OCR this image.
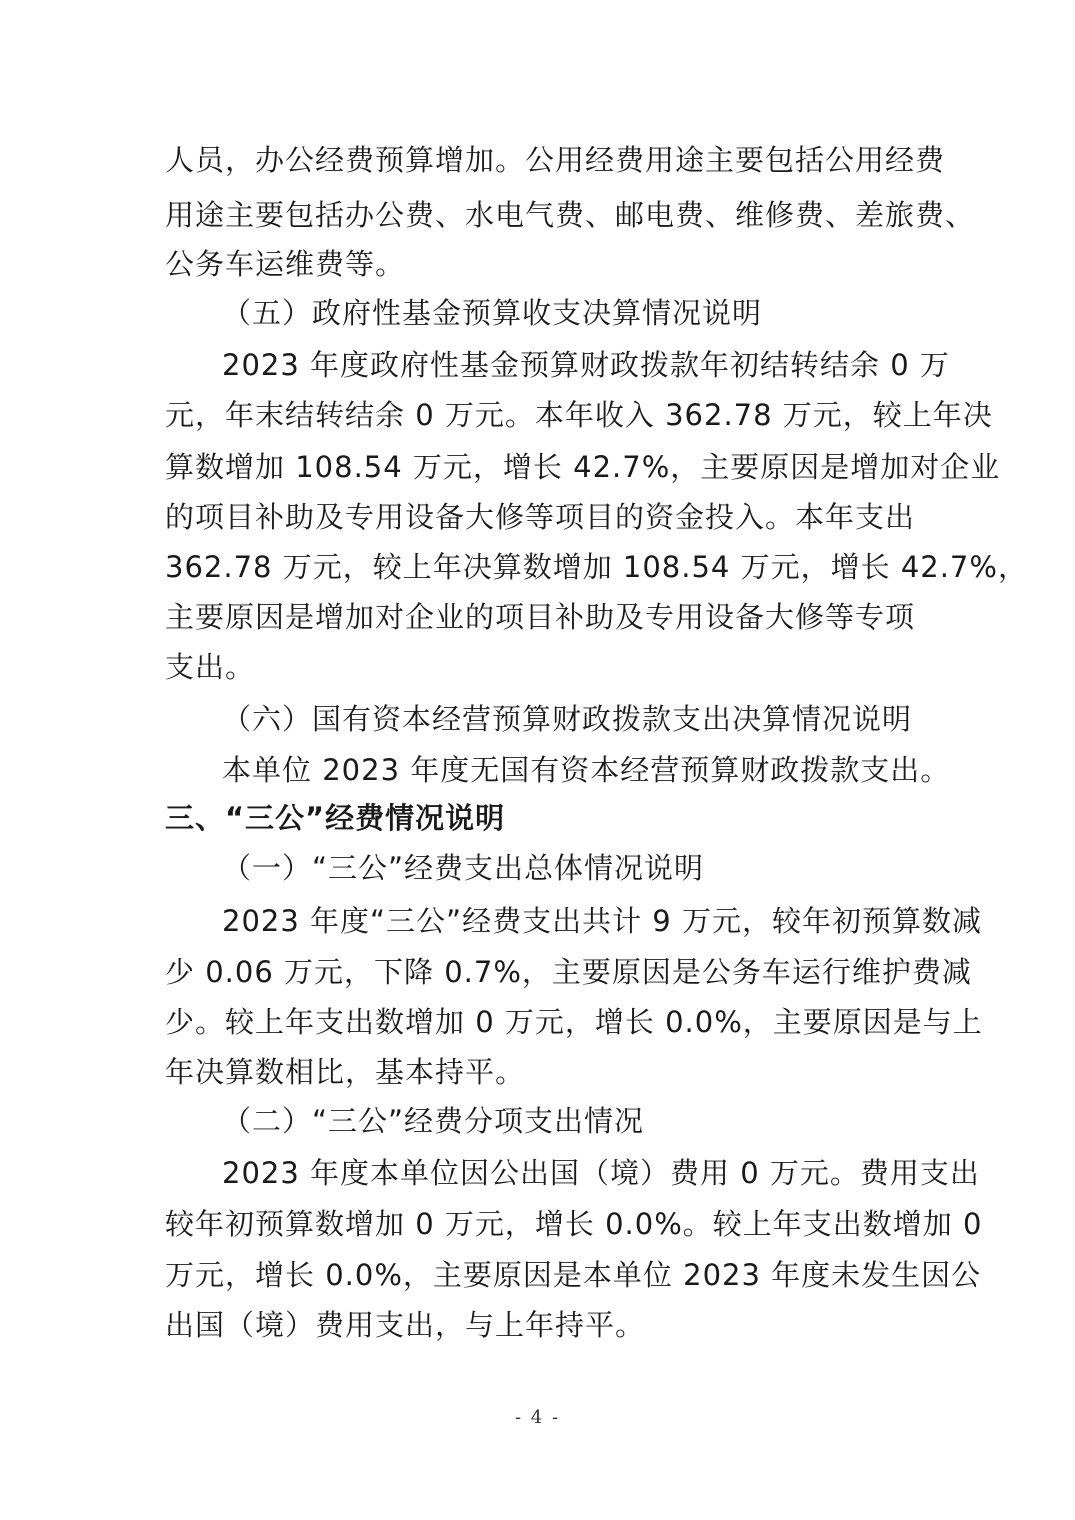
人员，办公经费预算增加。公用经费用途主要包括公用经费
用途主要包括办公费、水电气费、邮电费、维修费、差旅费、
公务车运维费等。
（五）政府性基金预算收支决算情况说明
2023 年度政府性基金预算财政拨款年初结转结余 0 万
元，年末结转结余 0 万元。本年收入 362.78 万元，较上年决
算数增加 108.54 万元，增长 42.7%，主要原因是增加对企业
的项目补助及专用设备大修等项目的资金投入。本年支出
362.78 万元，较上年决算数增加 108.54 万元，增长 42.7%，
主要原因是增加对企业的项目补助及专用设备大修等专项
支出。
（六）国有资本经营预算财政拨款支出决算情况说明
本单位 2023 年度无国有资本经营预算财政拨款支出。
三、“三公”经费情况说明
（一）“三公”经费支出总体情况说明
2023 年度“三公”经费支出共计 9 万元，较年初预算数减
少 0.06 万元，下降 0.7%，主要原因是公务车运行维护费减
少。较上年支出数增加 0 万元，增长 0.0%，主要原因是与上
年决算数相比，基本持平。
（二）“三公”经费分项支出情况
2023 年度本单位因公出国（境）费用 0 万元。费用支出
较年初预算数增加 0 万元，增长 0.0%。较上年支出数增加 0
万元，增长 0.0%，主要原因是本单位 2023 年度未发生因公
出国（境）费用支出，与上年持平。
- 4 -
